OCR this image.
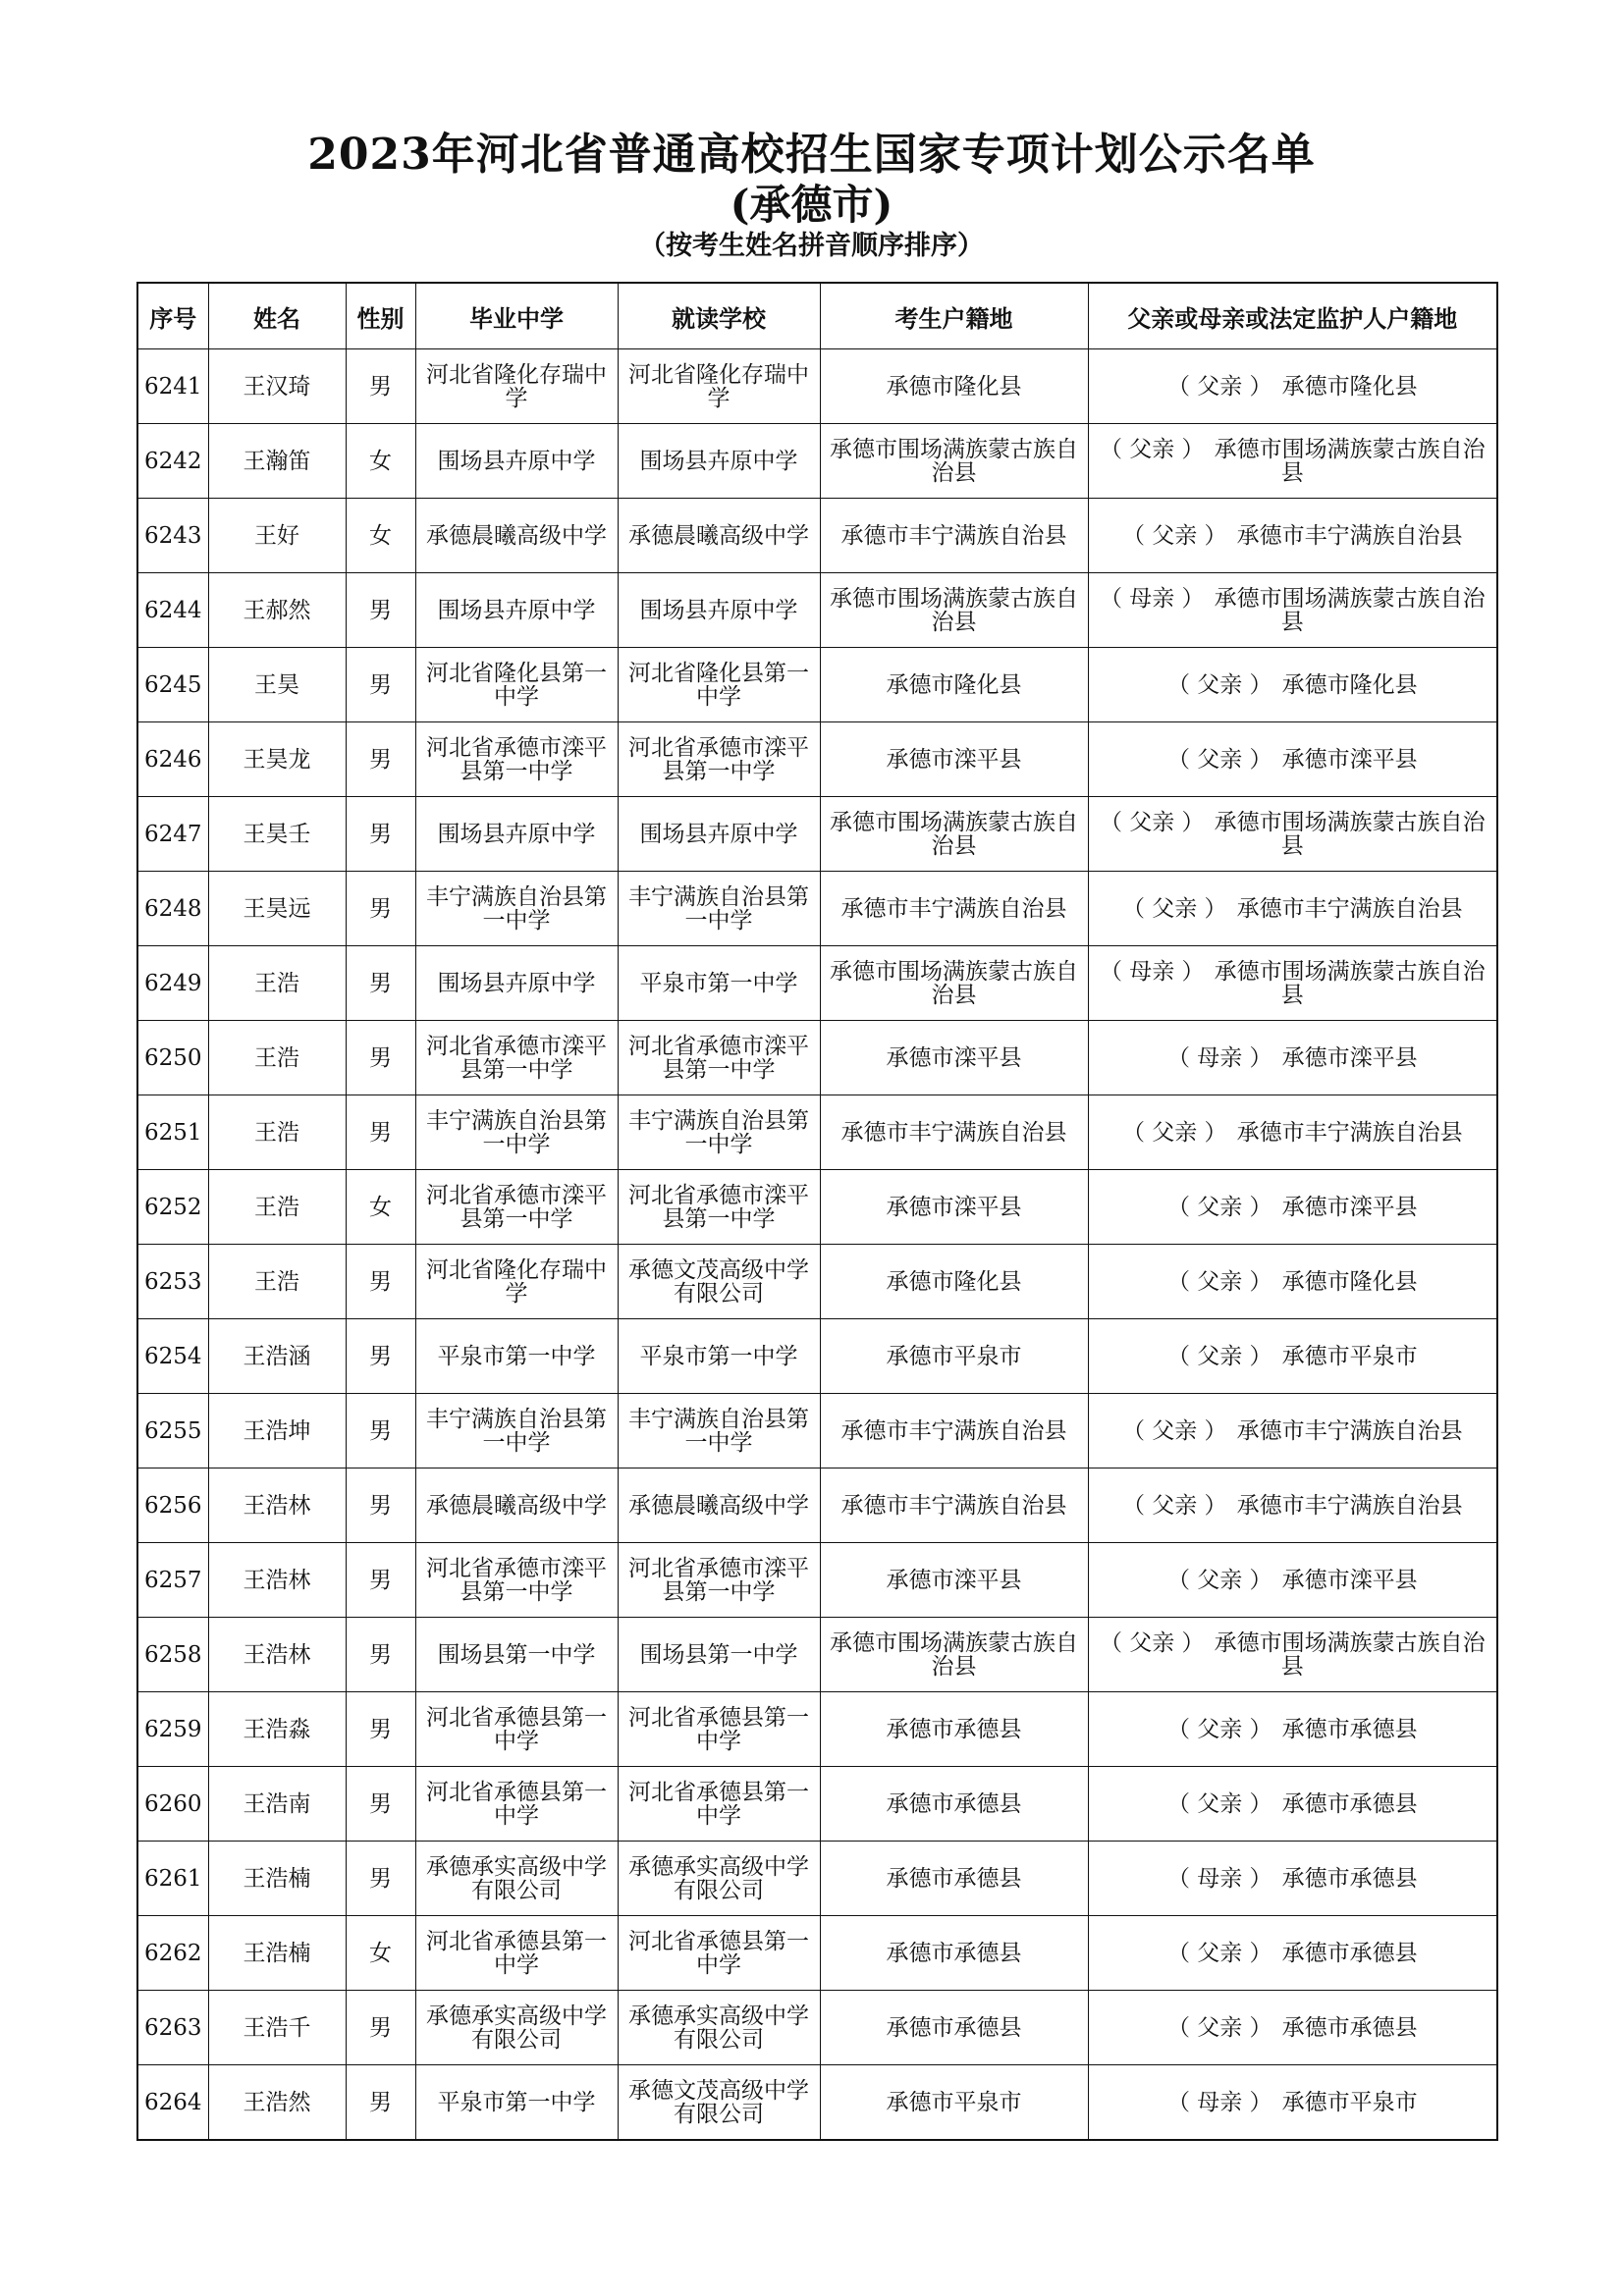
2023年河北省普通高校招生国家专项计划公示名单
(承德市)
（按考生姓名拼音顺序排序）
序号	姓名	性别	毕业中学	就读学校	考生户籍地	父亲或母亲或法定监护人户籍地
6241	王汉琦	男	河北省隆化存瑞中学	河北省隆化存瑞中学	承德市隆化县	（ 父亲 ） 承德市隆化县
6242	王瀚笛	女	围场县卉原中学	围场县卉原中学	承德市围场满族蒙古族自治县	（ 父亲 ） 承德市围场满族蒙古族自治县
6243	王好	女	承德晨曦高级中学	承德晨曦高级中学	承德市丰宁满族自治县	（ 父亲 ） 承德市丰宁满族自治县
6244	王郝然	男	围场县卉原中学	围场县卉原中学	承德市围场满族蒙古族自治县	（ 母亲 ） 承德市围场满族蒙古族自治县
6245	王昊	男	河北省隆化县第一中学	河北省隆化县第一中学	承德市隆化县	（ 父亲 ） 承德市隆化县
6246	王昊龙	男	河北省承德市滦平县第一中学	河北省承德市滦平县第一中学	承德市滦平县	（ 父亲 ） 承德市滦平县
6247	王昊壬	男	围场县卉原中学	围场县卉原中学	承德市围场满族蒙古族自治县	（ 父亲 ） 承德市围场满族蒙古族自治县
6248	王昊远	男	丰宁满族自治县第一中学	丰宁满族自治县第一中学	承德市丰宁满族自治县	（ 父亲 ） 承德市丰宁满族自治县
6249	王浩	男	围场县卉原中学	平泉市第一中学	承德市围场满族蒙古族自治县	（ 母亲 ） 承德市围场满族蒙古族自治县
6250	王浩	男	河北省承德市滦平县第一中学	河北省承德市滦平县第一中学	承德市滦平县	（ 母亲 ） 承德市滦平县
6251	王浩	男	丰宁满族自治县第一中学	丰宁满族自治县第一中学	承德市丰宁满族自治县	（ 父亲 ） 承德市丰宁满族自治县
6252	王浩	女	河北省承德市滦平县第一中学	河北省承德市滦平县第一中学	承德市滦平县	（ 父亲 ） 承德市滦平县
6253	王浩	男	河北省隆化存瑞中学	承德文茂高级中学有限公司	承德市隆化县	（ 父亲 ） 承德市隆化县
6254	王浩涵	男	平泉市第一中学	平泉市第一中学	承德市平泉市	（ 父亲 ） 承德市平泉市
6255	王浩坤	男	丰宁满族自治县第一中学	丰宁满族自治县第一中学	承德市丰宁满族自治县	（ 父亲 ） 承德市丰宁满族自治县
6256	王浩林	男	承德晨曦高级中学	承德晨曦高级中学	承德市丰宁满族自治县	（ 父亲 ） 承德市丰宁满族自治县
6257	王浩林	男	河北省承德市滦平县第一中学	河北省承德市滦平县第一中学	承德市滦平县	（ 父亲 ） 承德市滦平县
6258	王浩林	男	围场县第一中学	围场县第一中学	承德市围场满族蒙古族自治县	（ 父亲 ） 承德市围场满族蒙古族自治县
6259	王浩淼	男	河北省承德县第一中学	河北省承德县第一中学	承德市承德县	（ 父亲 ） 承德市承德县
6260	王浩南	男	河北省承德县第一中学	河北省承德县第一中学	承德市承德县	（ 父亲 ） 承德市承德县
6261	王浩楠	男	承德承实高级中学有限公司	承德承实高级中学有限公司	承德市承德县	（ 母亲 ） 承德市承德县
6262	王浩楠	女	河北省承德县第一中学	河北省承德县第一中学	承德市承德县	（ 父亲 ） 承德市承德县
6263	王浩千	男	承德承实高级中学有限公司	承德承实高级中学有限公司	承德市承德县	（ 父亲 ） 承德市承德县
6264	王浩然	男	平泉市第一中学	承德文茂高级中学有限公司	承德市平泉市	（ 母亲 ） 承德市平泉市
